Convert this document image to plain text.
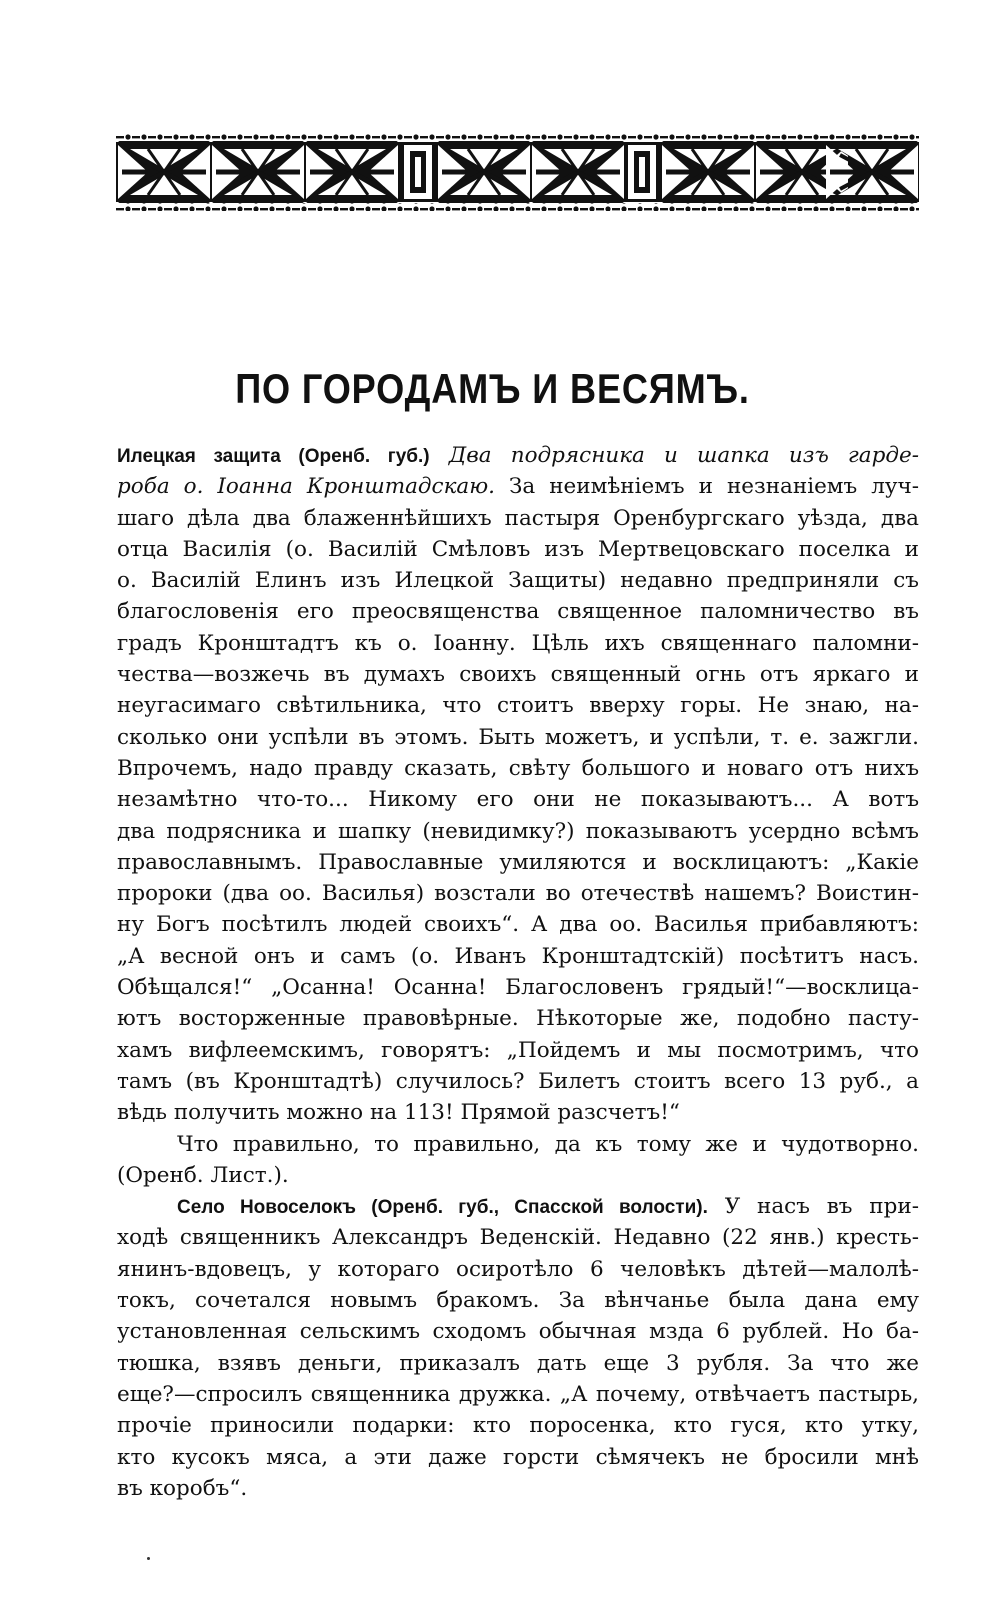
ПО ГОРОДАМЪ И ВЕСЯМЪ.
Илецкая защита (Оренб. губ.) Два подрясника и шапка изъ гарде-
роба о. Іоанна Кронштадскаю. За неимѣніемъ и незнаніемъ луч-
шаго дѣла два блаженнѣйшихъ пастыря Оренбургскаго уѣзда, два
отца Василія (о. Василій Смѣловъ изъ Мертвецовскаго поселка и
о. Василій Елинъ изъ Илецкой Защиты) недавно предприняли съ
благословенія его преосвященства священное паломничество въ
градъ Кронштадтъ къ о. Іоанну. Цѣль ихъ священнаго паломни-
чества—возжечь въ думахъ своихъ священный огнь отъ яркаго и
неугасимаго свѣтильника, что стоитъ вверху горы. Не знаю, на-
сколько они успѣли въ этомъ. Быть можетъ, и успѣли, т. е. зажгли.
Впрочемъ, надо правду сказать, свѣту большого и новаго отъ нихъ
незамѣтно что-то... Никому его они не показываютъ... А вотъ
два подрясника и шапку (невидимку?) показываютъ усердно всѣмъ
православнымъ. Православные умиляются и восклицаютъ: „Какіе
пророки (два оо. Василья) возстали во отечествѣ нашемъ? Воистин-
ну Богъ посѣтилъ людей своихъ“. А два оо. Василья прибавляютъ:
„А весной онъ и самъ (о. Иванъ Кронштадтскій) посѣтитъ насъ.
Обѣщался!“ „Осанна! Осанна! Благословенъ грядый!“—восклица-
ютъ восторженные правовѣрные. Нѣкоторые же, подобно пасту-
хамъ вифлеемскимъ, говорятъ: „Пойдемъ и мы посмотримъ, что
тамъ (въ Кронштадтѣ) случилось? Билетъ стоитъ всего 13 руб., а
вѣдь получить можно на 113! Прямой разсчетъ!“
Что правильно, то правильно, да къ тому же и чудотворно.
(Оренб. Лист.).
Село Новоселокъ (Оренб. губ., Спасской волости). У насъ въ при-
ходѣ священникъ Александръ Веденскій. Недавно (22 янв.) кресть-
янинъ-вдовецъ, у котораго осиротѣло 6 человѣкъ дѣтей—малолѣ-
токъ, сочетался новымъ бракомъ. За вѣнчанье была дана ему
установленная сельскимъ сходомъ обычная мзда 6 рублей. Но ба-
тюшка, взявъ деньги, приказалъ дать еще 3 рубля. За что же
еще?—спросилъ священника дружка. „А почему, отвѣчаетъ пастырь,
прочіе приносили подарки: кто поросенка, кто гуся, кто утку,
кто кусокъ мяса, а эти даже горсти сѣмячекъ не бросили мнѣ
въ коробъ“.
